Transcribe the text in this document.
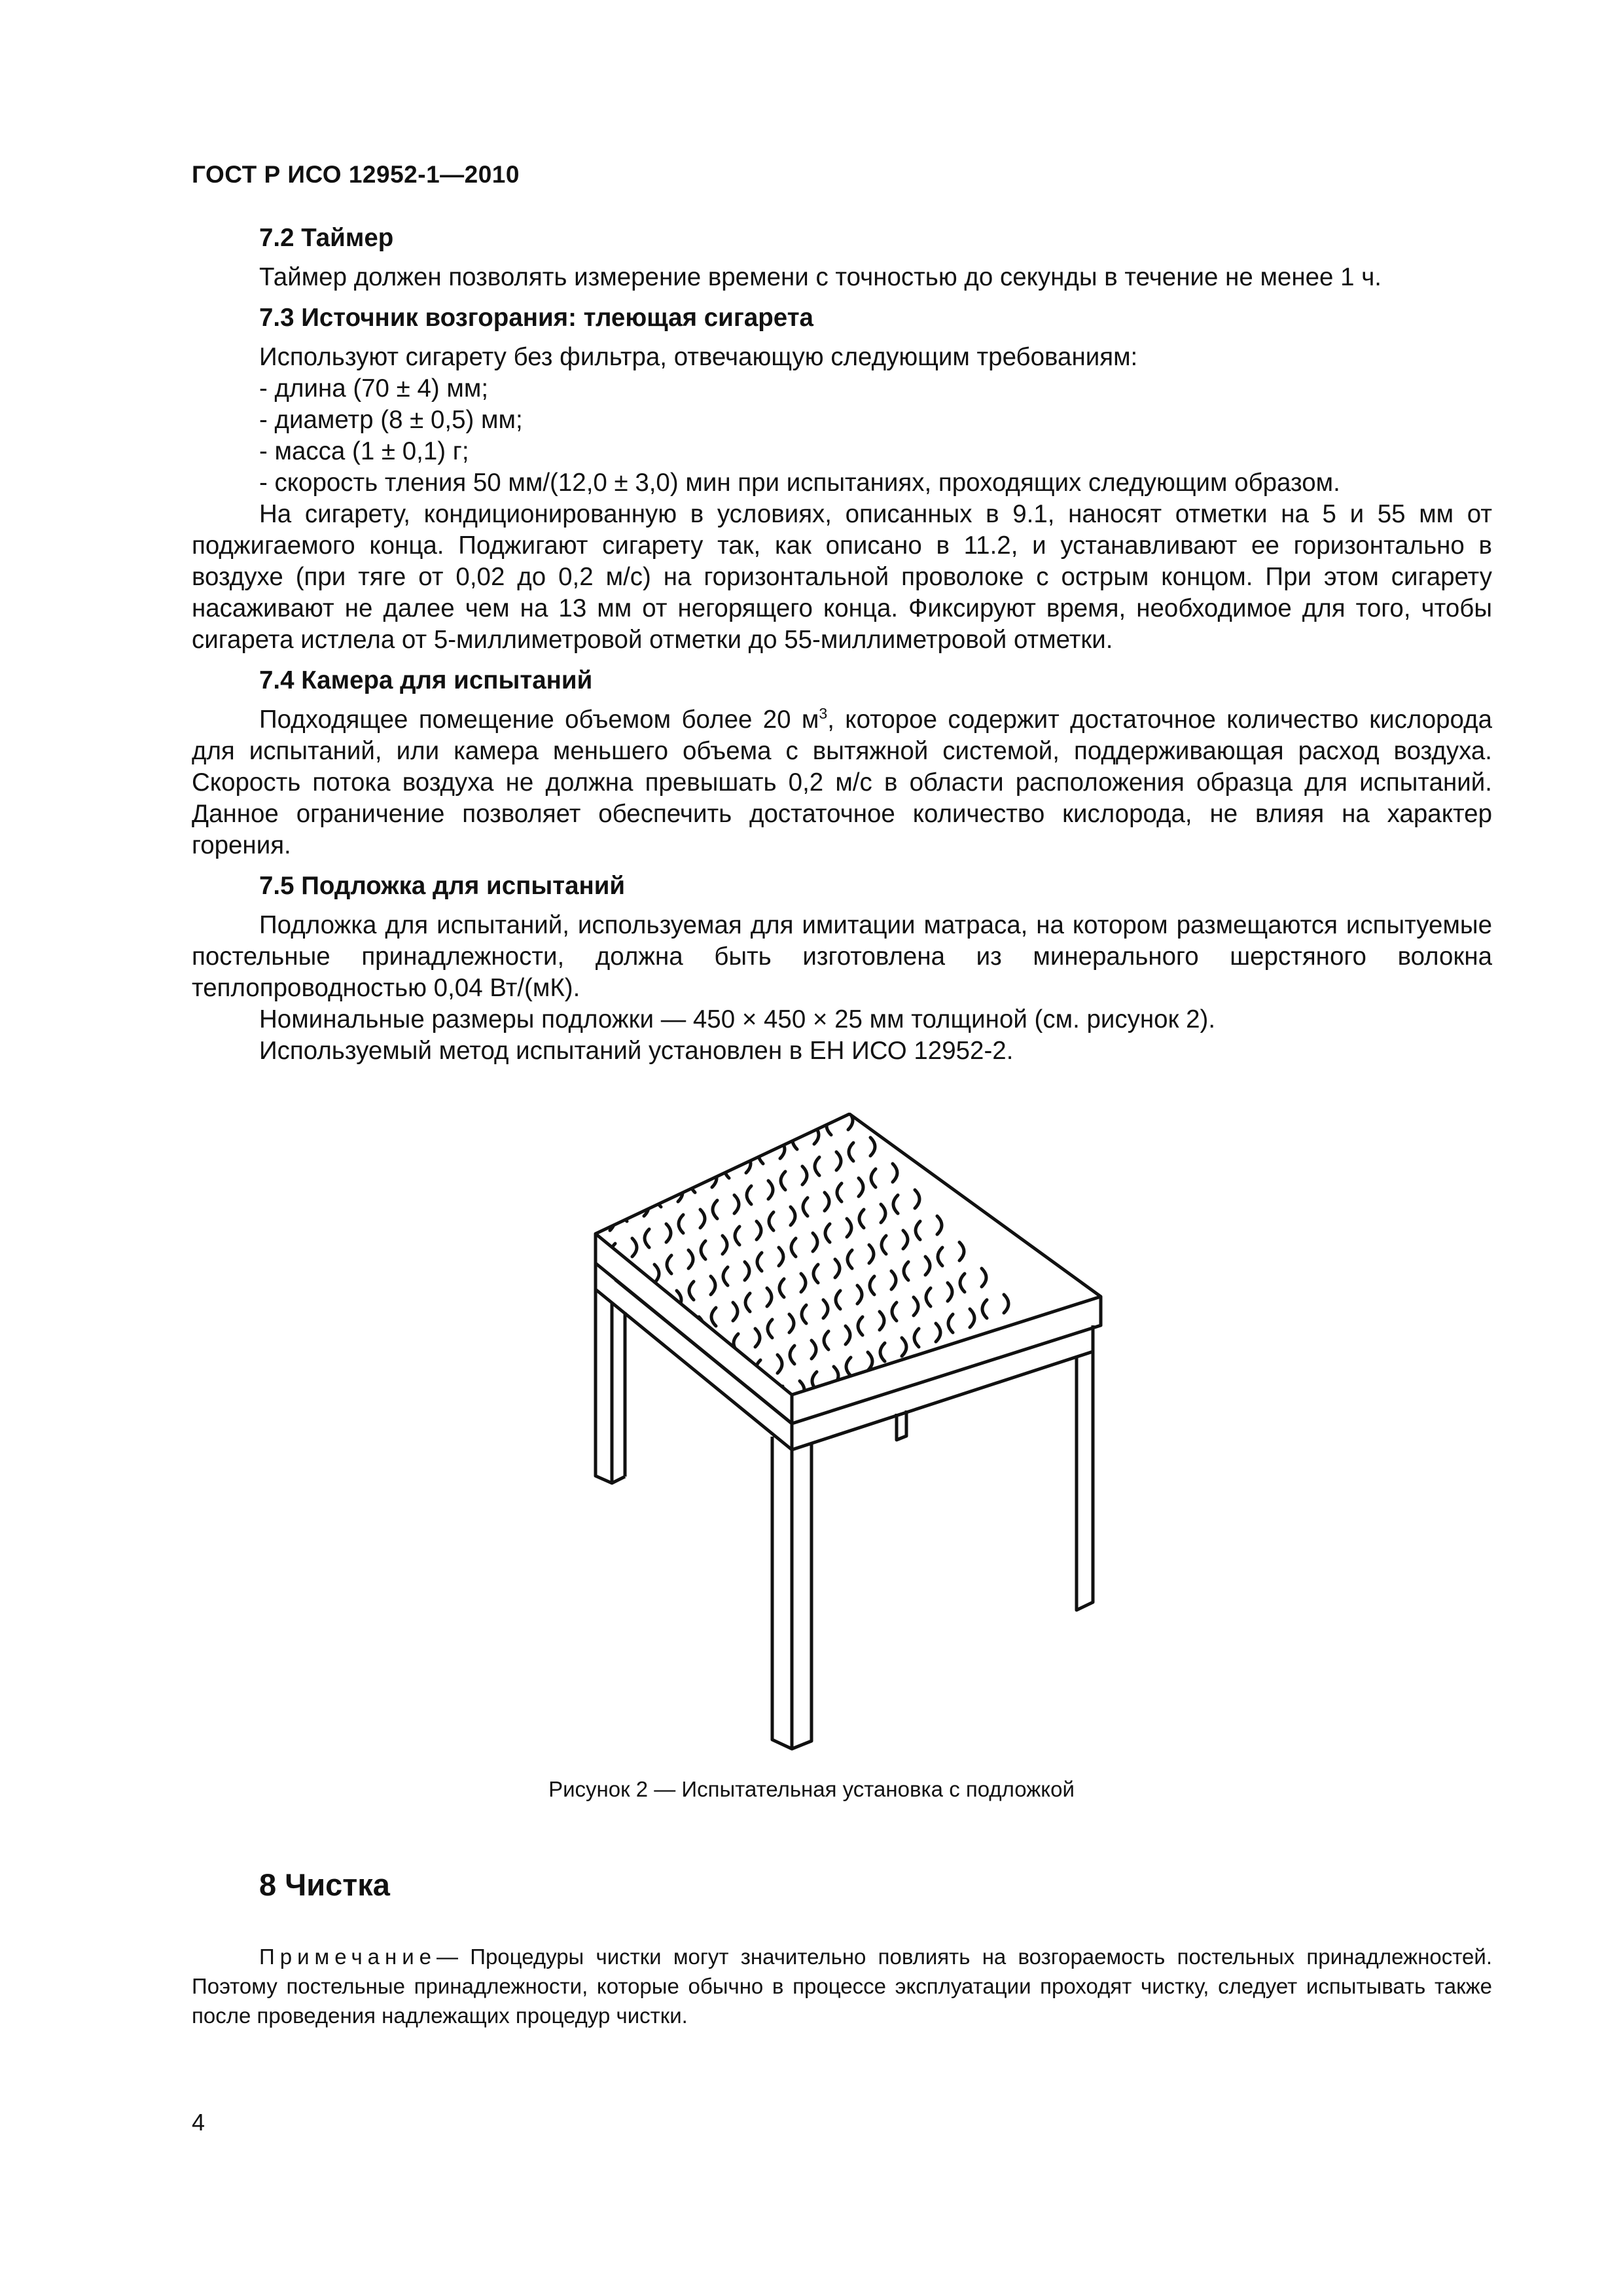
ГОСТ Р ИСО 12952-1—2010
7.2 Таймер

Таймер должен позволять измерение времени с точностью до секунды в течение не менее 1 ч.

7.3 Источник возгорания: тлеющая сигарета

Используют сигарету без фильтра, отвечающую следующим требованиям:

- длина (70 ± 4) мм;

- диаметр (8 ± 0,5) мм;

- масса (1 ± 0,1) г;

- скорость тления 50 мм/(12,0 ± 3,0) мин при испытаниях, проходящих следующим образом.

На сигарету, кондиционированную в условиях, описанных в 9.1, наносят отметки на 5 и 55 мм от поджигаемого конца. Поджигают сигарету так, как описано в 11.2, и устанавливают ее горизонтально в воздухе (при тяге от 0,02 до 0,2 м/с) на горизонтальной проволоке с острым концом. При этом сигарету насаживают не далее чем на 13 мм от негорящего конца. Фиксируют время, необходимое для того, чтобы сигарета истлела от 5-миллиметровой отметки до 55-миллиметровой отметки.

7.4 Камера для испытаний

Подходящее помещение объемом более 20 $м^3$, которое содержит достаточное количество кислорода для испытаний, или камера меньшего объема с вытяжной системой, поддерживающая расход воздуха. Скорость потока воздуха не должна превышать 0,2 м/с в области расположения образца для испытаний. Данное ограничение позволяет обеспечить достаточное количество кислорода, не влияя на характер горения.

7.5 Подложка для испытаний

Подложка для испытаний, используемая для имитации матраса, на котором размещаются испытуемые постельные принадлежности, должна быть изготовлена из минерального шерстяного волокна теплопроводностью 0,04 Вт/(мК).

Номинальные размеры подложки — 450 × 450 × 25 мм толщиной (см. рисунок 2).

Используемый метод испытаний установлен в ЕН ИСО 12952-2.

Рисунок 2 — Испытательная установка с подложкой
8 Чистка
Примечание— Процедуры чистки могут значительно повлиять на возгораемость постельных принадлежностей. Поэтому постельные принадлежности, которые обычно в процессе эксплуатации проходят чистку, следует испытывать также после проведения надлежащих процедур чистки.
4
